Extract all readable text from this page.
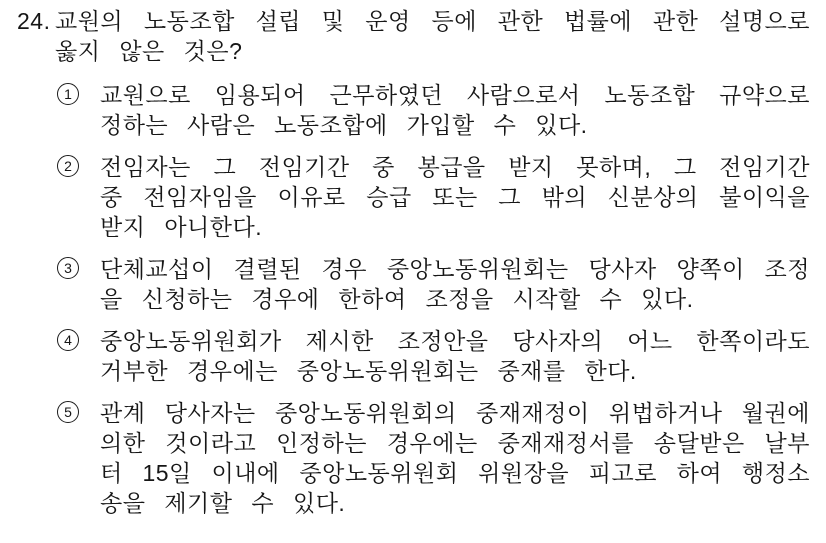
24. 교원의 노동조합 설립 및 운영 등에 관한 법률에 관한 설명으로 옳지 않은 것은?
1 교원으로 임용되어 근무하였던 사람으로서 노동조합 규약으로 정하는 사람은 노동조합에 가입할 수 있다.
2 전임자는 그 전임기간 중 봉급을 받지 못하며, 그 전임기간 중 전임자임을 이유로 승급 또는 그 밖의 신분상의 불이익을 받지 아니한다.
3 단체교섭이 결렬된 경우 중앙노동위원회는 당사자 양쪽이 조정을 신청하는 경우에 한하여 조정을 시작할 수 있다.
4 중앙노동위원회가 제시한 조정안을 당사자의 어느 한쪽이라도 거부한 경우에는 중앙노동위원회는 중재를 한다.
5 관계 당사자는 중앙노동위원회의 중재재정이 위법하거나 월권에 의한 것이라고 인정하는 경우에는 중재재정서를 송달받은 날부터 15일 이내에 중앙노동위원회 위원장을 피고로 하여 행정소송을 제기할 수 있다.
